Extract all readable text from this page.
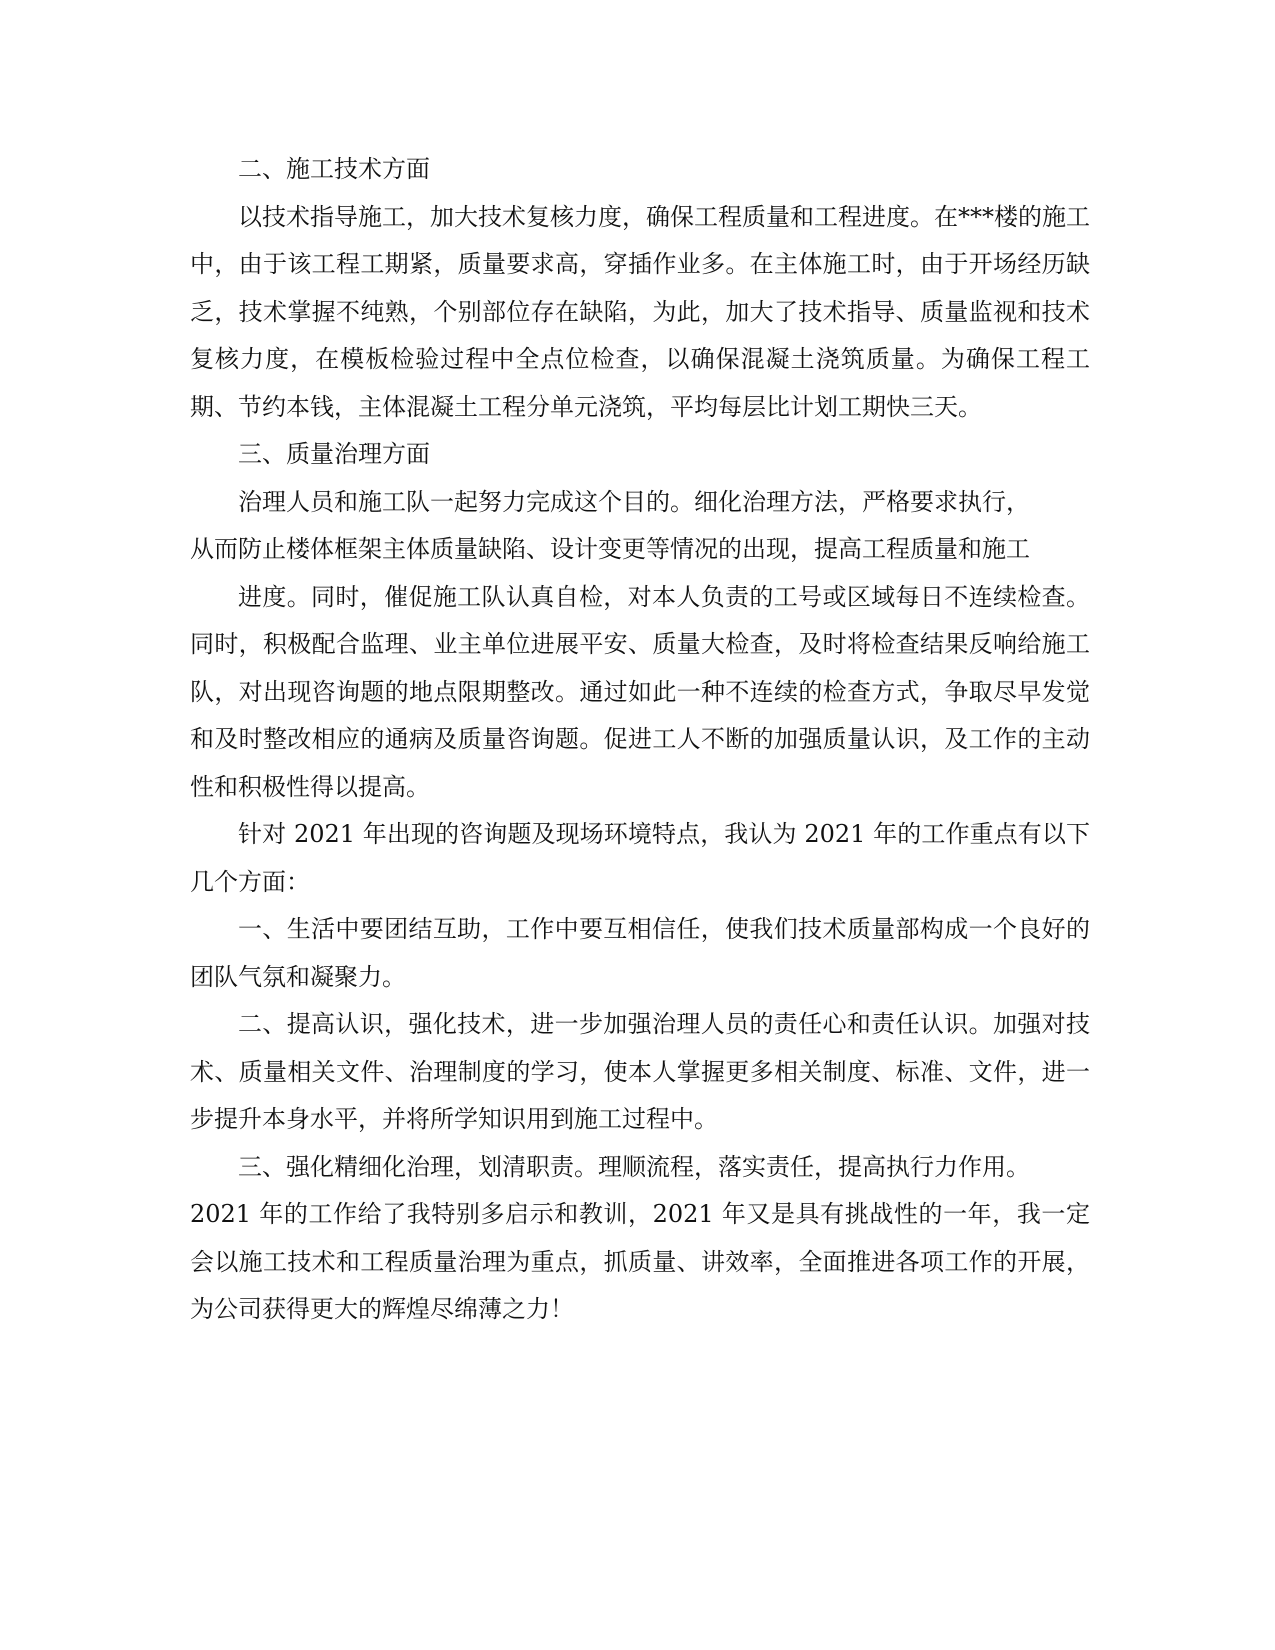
二、施工技术方面

以技术指导施工，加大技术复核力度，确保工程质量和工程进度。在***楼的施工中，由于该工程工期紧，质量要求高，穿插作业多。在主体施工时，由于开场经历缺乏，技术掌握不纯熟，个别部位存在缺陷，为此，加大了技术指导、质量监视和技术复核力度，在模板检验过程中全点位检查，以确保混凝土浇筑质量。为确保工程工期、节约本钱，主体混凝土工程分单元浇筑，平均每层比计划工期快三天。

三、质量治理方面

治理人员和施工队一起努力完成这个目的。细化治理方法，严格要求执行，

从而防止楼体框架主体质量缺陷、设计变更等情况的出现，提高工程质量和施工

进度。同时，催促施工队认真自检，对本人负责的工号或区域每日不连续检查。同时，积极配合监理、业主单位进展平安、质量大检查，及时将检查结果反响给施工队，对出现咨询题的地点限期整改。通过如此一种不连续的检查方式，争取尽早发觉和及时整改相应的通病及质量咨询题。促进工人不断的加强质量认识，及工作的主动性和积极性得以提高。

针对 2021 年出现的咨询题及现场环境特点，我认为 2021 年的工作重点有以下几个方面：

一、生活中要团结互助，工作中要互相信任，使我们技术质量部构成一个良好的团队气氛和凝聚力。

二、提高认识，强化技术，进一步加强治理人员的责任心和责任认识。加强对技术、质量相关文件、治理制度的学习，使本人掌握更多相关制度、标准、文件，进一步提升本身水平，并将所学知识用到施工过程中。

三、强化精细化治理，划清职责。理顺流程，落实责任，提高执行力作用。

2021 年的工作给了我特别多启示和教训，2021 年又是具有挑战性的一年，我一定会以施工技术和工程质量治理为重点，抓质量、讲效率，全面推进各项工作的开展，为公司获得更大的辉煌尽绵薄之力！
